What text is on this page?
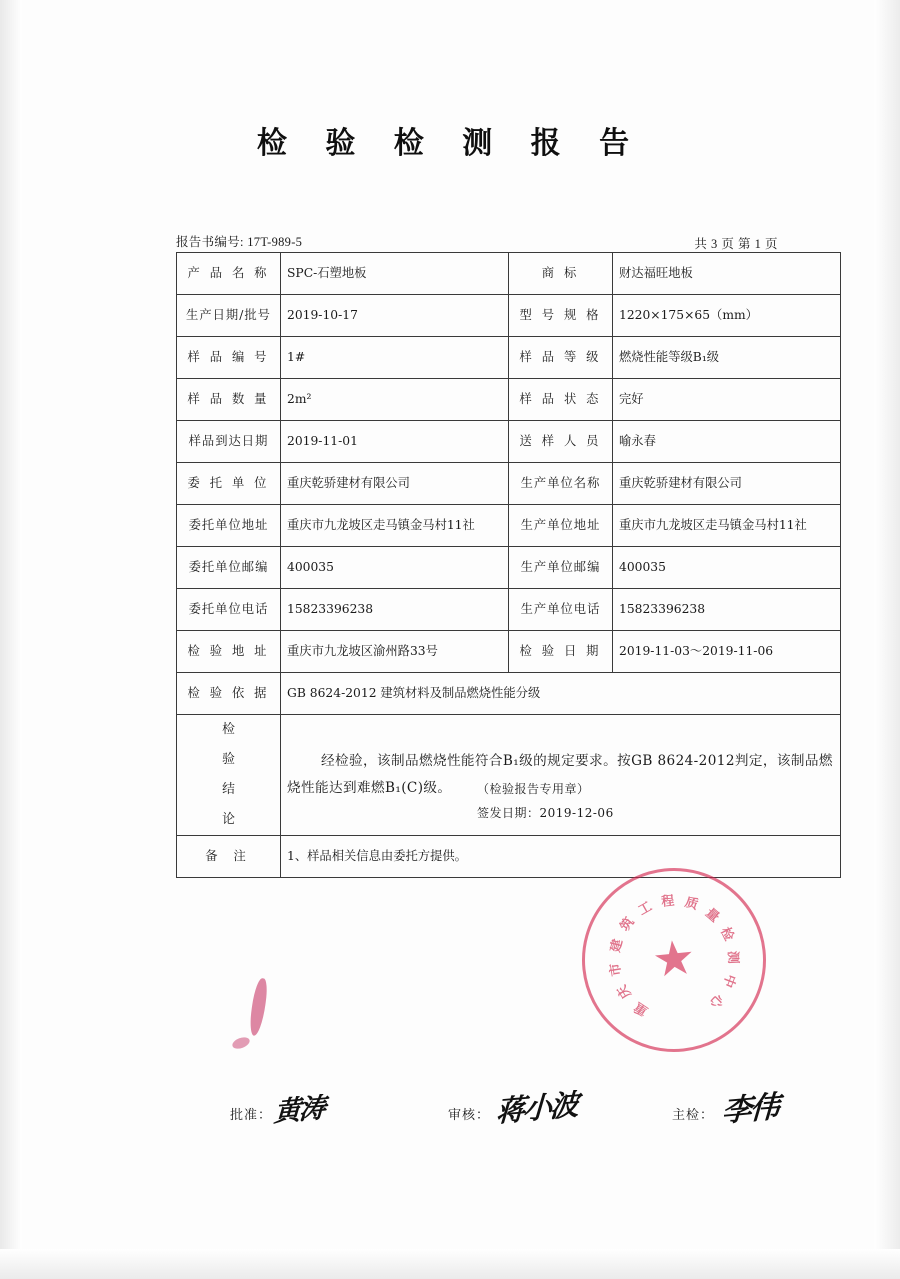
检 验 检 测 报 告
报告书编号: 17T-989-5	共 3 页 第 1 页
产 品 名 称	SPC-石塑地板	商 标	财达福旺地板
生产日期/批号	2019-10-17	型 号 规 格	1220×175×65（mm）
样 品 编 号	1#	样 品 等 级	燃烧性能等级B₁级
样 品 数 量	2m²	样 品 状 态	完好
样品到达日期	2019-11-01	送 样 人 员	喻永春
委 托 单 位	重庆乾骄建材有限公司	生产单位名称	重庆乾骄建材有限公司
委托单位地址	重庆市九龙坡区走马镇金马村11社	生产单位地址	重庆市九龙坡区走马镇金马村11社
委托单位邮编	400035	生产单位邮编	400035
委托单位电话	15823396238	生产单位电话	15823396238
检 验 地 址	重庆市九龙坡区渝州路33号	检 验 日 期	2019-11-03～2019-11-06
检 验 依 据	GB 8624-2012 建筑材料及制品燃烧性能分级		

检
验
结
论

经检验，该制品燃烧性能符合B₁级的规定要求。按GB 8624-2012判定，该制品燃烧性能达到难燃B₁(C)级。	（检验报告专用章）
签发日期：2019-12-06

备 注	1、样品相关信息由委托方提供。		
★
重
庆
市
建
筑
工 程 质
量
检
测
中
心
批准： 黄涛	审核： 蒋小波	主检： 李伟
